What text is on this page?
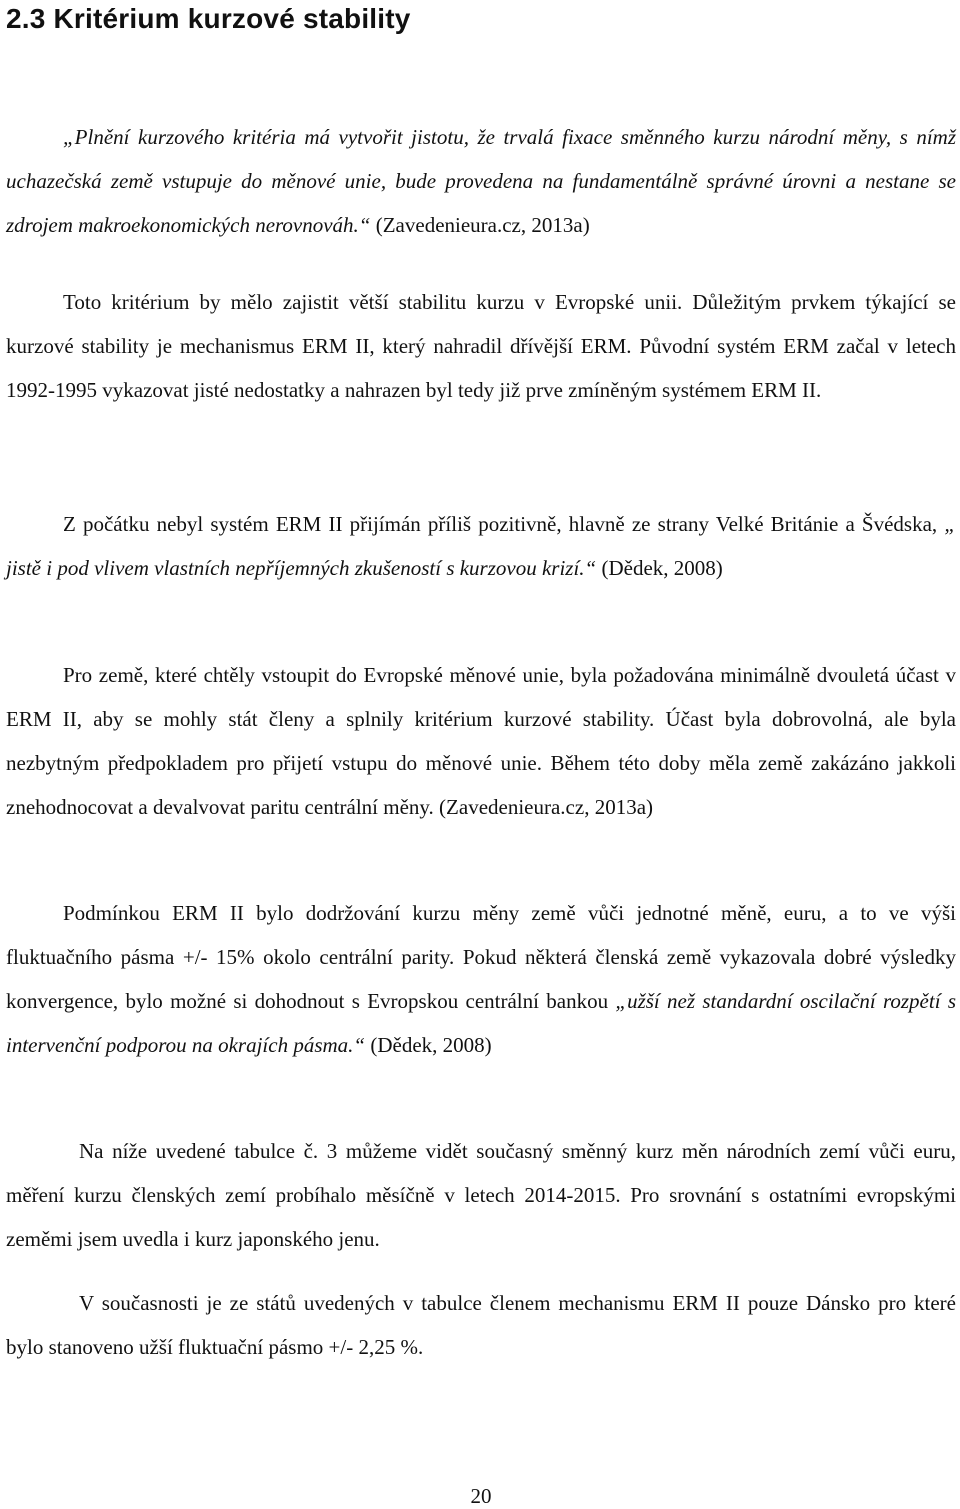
2.3 Kritérium kurzové stability

„Plnění kurzového kritéria má vytvořit jistotu, že trvalá fixace směnného kurzu národní měny, s nímž uchazečská země vstupuje do měnové unie, bude provedena na fundamentálně správné úrovni a nestane se zdrojem makroekonomických nerovnováh.“ (Zavedenieura.cz, 2013a)

Toto kritérium by mělo zajistit větší stabilitu kurzu v Evropské unii. Důležitým prvkem týkající se kurzové stability je mechanismus ERM II, který nahradil dřívější ERM. Původní systém ERM začal v letech 1992-1995 vykazovat jisté nedostatky a nahrazen byl tedy již prve zmíněným systémem ERM II.

Z počátku nebyl systém ERM II přijímán příliš pozitivně, hlavně ze strany Velké Británie a Švédska, „ jistě i pod vlivem vlastních nepříjemných zkušeností s kurzovou krizí.“ (Dědek, 2008)

Pro země, které chtěly vstoupit do Evropské měnové unie, byla požadována minimálně dvouletá účast v ERM II, aby se mohly stát členy a splnily kritérium kurzové stability. Účast byla dobrovolná, ale byla nezbytným předpokladem pro přijetí vstupu do měnové unie. Během této doby měla země zakázáno jakkoli znehodnocovat a devalvovat paritu centrální měny. (Zavedenieura.cz, 2013a)

Podmínkou ERM II bylo dodržování kurzu měny země vůči jednotné měně, euru, a to ve výši fluktuačního pásma +/- 15% okolo centrální parity. Pokud některá členská země vykazovala dobré výsledky konvergence, bylo možné si dohodnout s Evropskou centrální bankou „užší než standardní oscilační rozpětí s intervenční podporou na okrajích pásma.“ (Dědek, 2008)

Na níže uvedené tabulce č. 3 můžeme vidět současný směnný kurz měn národních zemí vůči euru, měření kurzu členských zemí probíhalo měsíčně v letech 2014-2015. Pro srovnání s ostatními evropskými zeměmi jsem uvedla i kurz japonského jenu.

V současnosti je ze států uvedených v tabulce členem mechanismu ERM II pouze Dánsko pro které bylo stanoveno užší fluktuační pásmo +/- 2,25 %.

20
